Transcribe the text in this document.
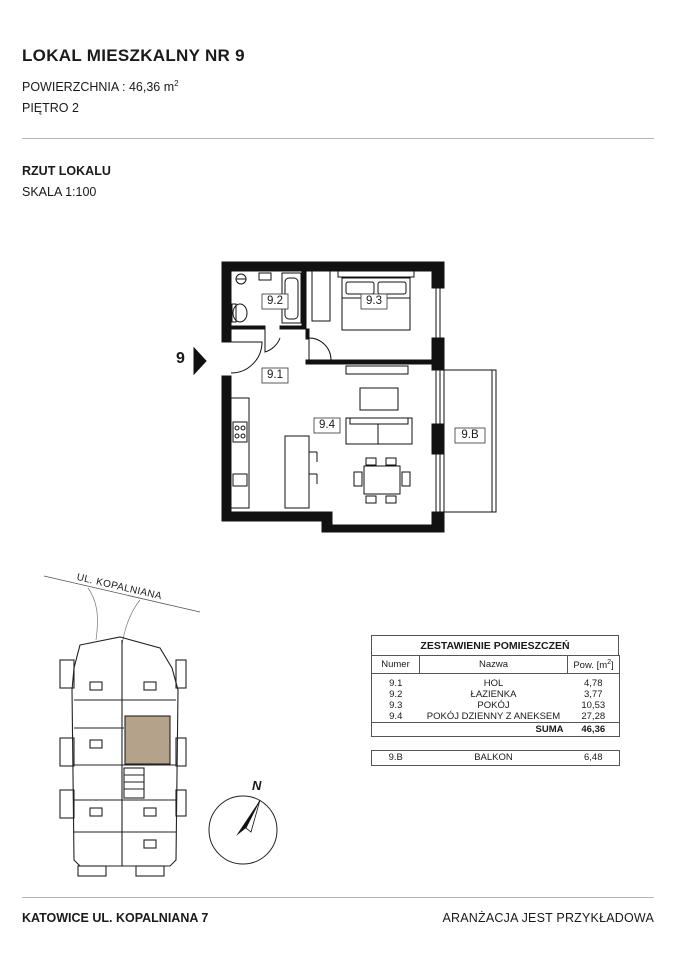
LOKAL MIESZKALNY NR 9
POWIERZCHNIA : 46,36 $m^2$
PIĘTRO 2
RZUT LOKALU
SKALA 1:100
9
9.2	9.3
9.1
9.4
9.B
UL. KOPALNIANA
N
ZESTAWIENIE POMIESZCZEŃ
Numer	Nazwa	Pow. $[m^2]$
9.1	HOL	4,78
9.2	ŁAZIENKA	3,77
9.3	POKÓJ	10,53
9.4	POKÓJ DZIENNY Z ANEKSEM	27,28
	SUMA	46,36
9.B	BALKON	6,48
KATOWICE UL. KOPALNIANA 7	ARANŻACJA JEST PRZYKŁADOWA
